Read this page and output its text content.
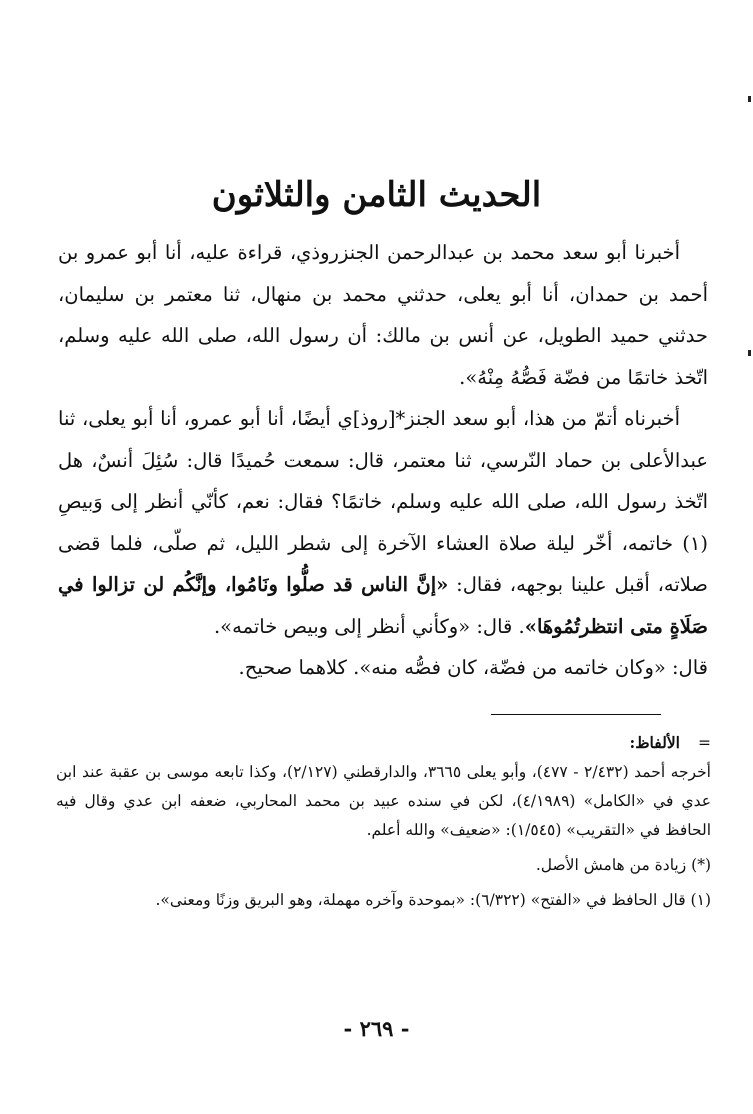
الحديث الثامن والثلاثون

أخبرنا أبو سعد محمد بن عبدالرحمن الجنزروذي، قراءة عليه، أنا أبو عمرو بن أحمد بن حمدان، أنا أبو يعلى، حدثني محمد بن منهال، ثنا معتمر بن سليمان، حدثني حميد الطويل، عن أنس بن مالك: أن رسول الله، صلى الله عليه وسلم، اتّخذ خاتمًا من فضّة فَصُّهُ مِنْهُ».

أخبرناه أتمّ من هذا، أبو سعد الجنز*[روذ]ي أيضًا، أنا أبو عمرو، أنا أبو يعلى، ثنا عبدالأعلى بن حماد النّرسي، ثنا معتمر، قال: سمعت حُميدًا قال: سُئِلَ أنسٌ، هل اتّخذ رسول الله، صلى الله عليه وسلم، خاتمًا؟ فقال: نعم، كأنّي أنظر إلى وَبيصِ (١) خاتمه، أخّر ليلة صلاة العشاء الآخرة إلى شطر الليل، ثم صلّى، فلما قضى صلاته، أقبل علينا بوجهه، فقال: «إنَّ الناس قد صلُّوا ونَامُوا، وإنَّكُم لن تزالوا في صَلَاةٍ متى انتظرتُمُوهَا». قال: «وكأني أنظر إلى وبيص خاتمه».

قال: «وكان خاتمه من فضّة، كان فصُّه منه». كلاهما صحيح.

=الألفاظ:

أخرجه أحمد (٢/٤٣٢ - ٤٧٧)، وأبو يعلى ٣٦٦٥، والدارقطني (٢/١٢٧)، وكذا تابعه موسى بن عقبة عند ابن عدي في «الكامل» (٤/١٩٨٩)، لكن في سنده عبيد بن محمد المحاربي، ضعفه ابن عدي وقال فيه الحافظ في «التقريب» (١/٥٤٥): «ضعيف» والله أعلم.

(*) زيادة من هامش الأصل.

(١) قال الحافظ في «الفتح» (٦/٣٢٢): «بموحدة وآخره مهملة، وهو البريق وزنًا ومعنى».

- ٢٦٩ -
